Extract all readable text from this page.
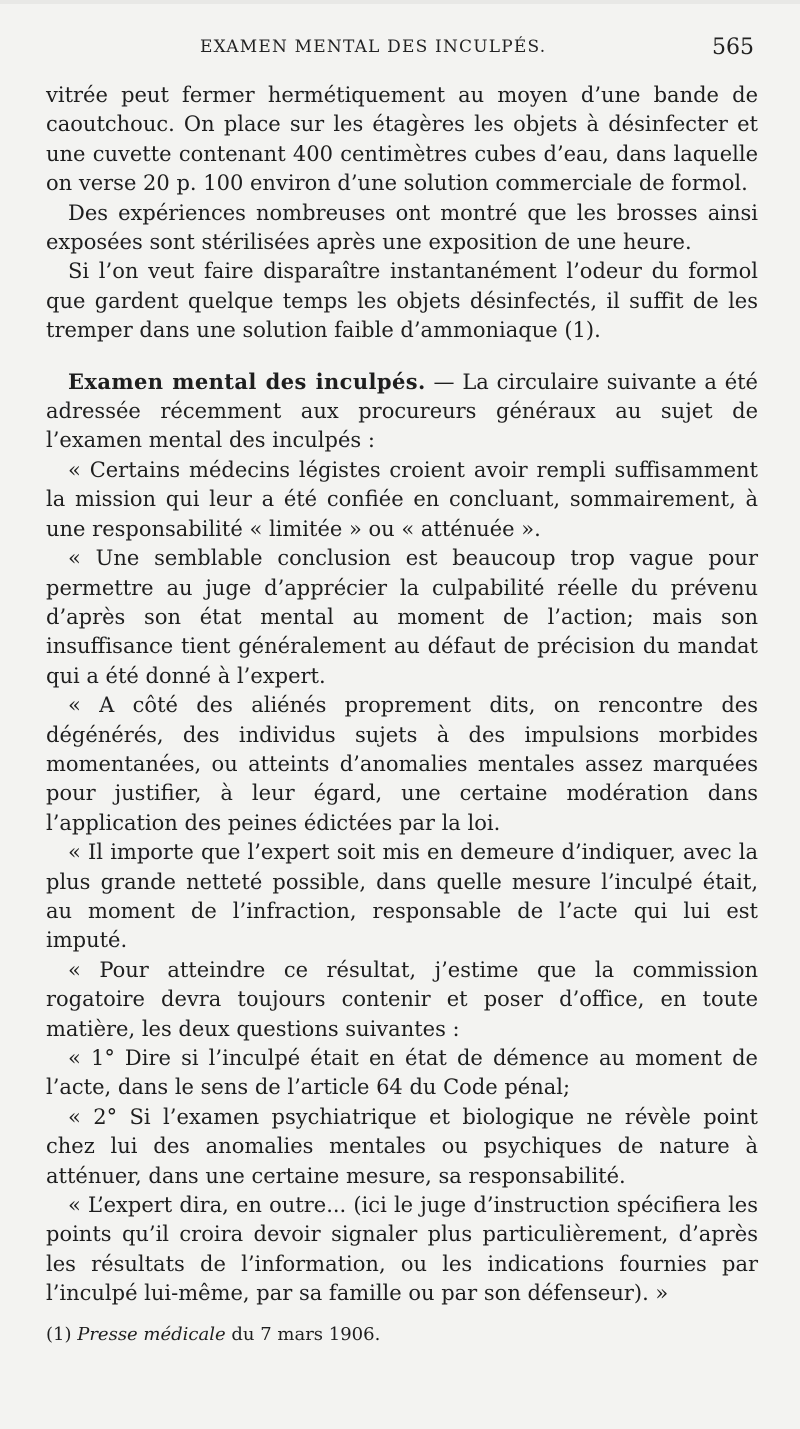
EXAMEN MENTAL DES INCULPÉS.	565

vitrée peut fermer hermétiquement au moyen d’une bande de caoutchouc. On place sur les étagères les objets à désinfecter et une cuvette contenant 400 centimètres cubes d’eau, dans laquelle on verse 20 p. 100 environ d’une solution commerciale de formol.

Des expériences nombreuses ont montré que les brosses ainsi exposées sont stérilisées après une exposition de une heure.

Si l’on veut faire disparaître instantanément l’odeur du formol que gardent quelque temps les objets désinfectés, il suffit de les tremper dans une solution faible d’ammoniaque (1).

Examen mental des inculpés. — La circulaire suivante a été adressée récemment aux procureurs généraux au sujet de l’examen mental des inculpés :

« Certains médecins légistes croient avoir rempli suffisamment la mission qui leur a été confiée en concluant, sommairement, à une responsabilité « limitée » ou « atténuée ».

« Une semblable conclusion est beaucoup trop vague pour permettre au juge d’apprécier la culpabilité réelle du prévenu d’après son état mental au moment de l’action; mais son insuffisance tient généralement au défaut de précision du mandat qui a été donné à l’expert.

« A côté des aliénés proprement dits, on rencontre des dégénérés, des individus sujets à des impulsions morbides momentanées, ou atteints d’anomalies mentales assez marquées pour justifier, à leur égard, une certaine modération dans l’application des peines édictées par la loi.

« Il importe que l’expert soit mis en demeure d’indiquer, avec la plus grande netteté possible, dans quelle mesure l’inculpé était, au moment de l’infraction, responsable de l’acte qui lui est imputé.

« Pour atteindre ce résultat, j’estime que la commission rogatoire devra toujours contenir et poser d’office, en toute matière, les deux questions suivantes :

« 1° Dire si l’inculpé était en état de démence au moment de l’acte, dans le sens de l’article 64 du Code pénal;

« 2° Si l’examen psychiatrique et biologique ne révèle point chez lui des anomalies mentales ou psychiques de nature à atténuer, dans une certaine mesure, sa responsabilité.

« L’expert dira, en outre... (ici le juge d’instruction spécifiera les points qu’il croira devoir signaler plus particulièrement, d’après les résultats de l’information, ou les indications fournies par l’inculpé lui-même, par sa famille ou par son défenseur). »

(1) Presse médicale du 7 mars 1906.
